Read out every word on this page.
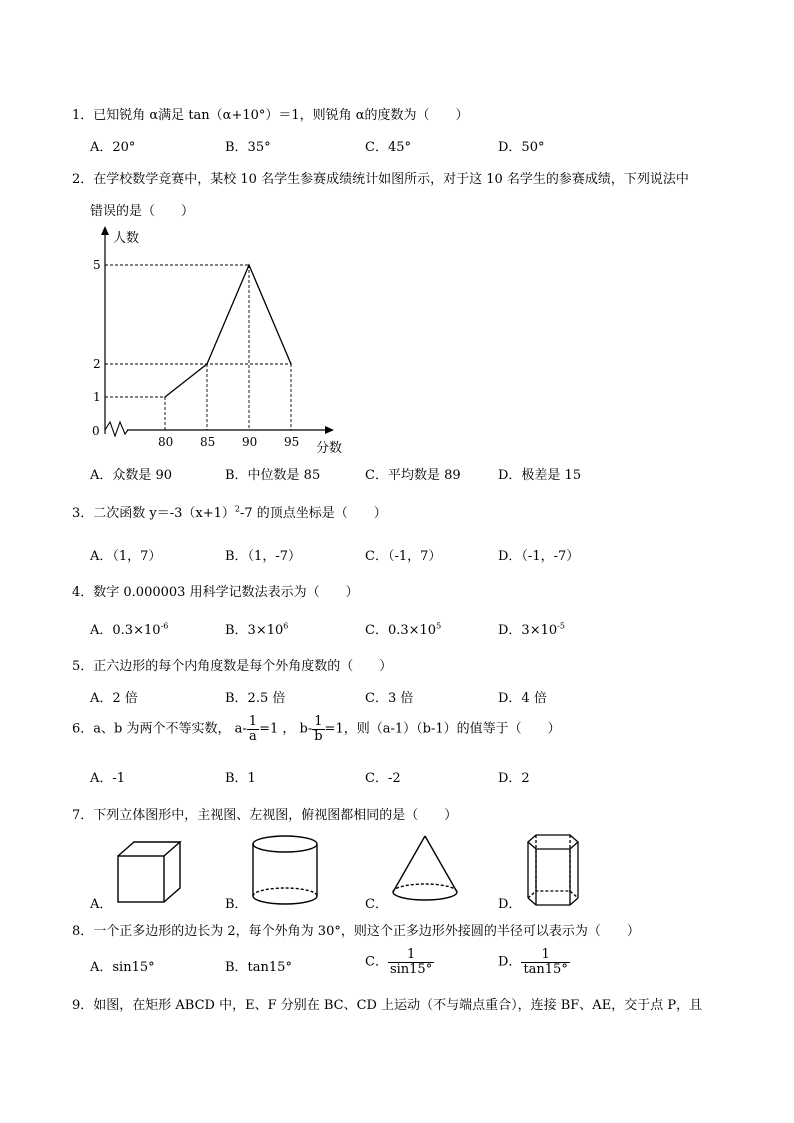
1．已知锐角 α满足 tan（α+10°）＝1，则锐角 α的度数为（　　）
A．20°	B．35°	C．45°	D．50°
2．在学校数学竞赛中，某校 10 名学生参赛成绩统计如图所示，对于这 10 名学生的参赛成绩，下列说法中
错误的是（　　）
0
人数
分数
80 85 90 95
1
2
5
A．众数是 90	B．中位数是 85	C．平均数是 89	D．极差是 15
3．二次函数 $y=-3(x+1)^2-7$ 的顶点坐标是（　　）
A．（1，7）	B．（1，-7）	C．（-1，7）	D．（-1，-7）
4．数字 0.000003 用科学记数法表示为（　　）
A．$0.3\times 10^{-6}$	B．$3\times 10^6$	C．$0.3\times 10^5$	D．$3\times 10^{-5}$
5．正六边形的每个内角度数是每个外角度数的（　　）
A．2 倍	B．2.5 倍	C．3 倍	D．4 倍
6．a、b 为两个不等实数， $a- \frac{1}{a} =1$ ， $b- \frac{1}{b} =1$，则（a-1）（b-1）的值等于（　　）
A．-1	B．1	C．-2	D．2
7．下列立体图形中，主视图、左视图，俯视图都相同的是（　　）
A．	B．	C．	D．
8．一个正多边形的边长为 2，每个外角为 30°，则这个正多边形外接圆的半径可以表示为（　　）
A．sin15°	B．tan15°	C． $\frac{1}{\sin 15^\circ}$	D． $\frac{1}{\tan 15^\circ}$
9．如图，在矩形 ABCD 中，E、F 分别在 BC、CD 上运动（不与端点重合），连接 BF、AE，交于点 P，且
